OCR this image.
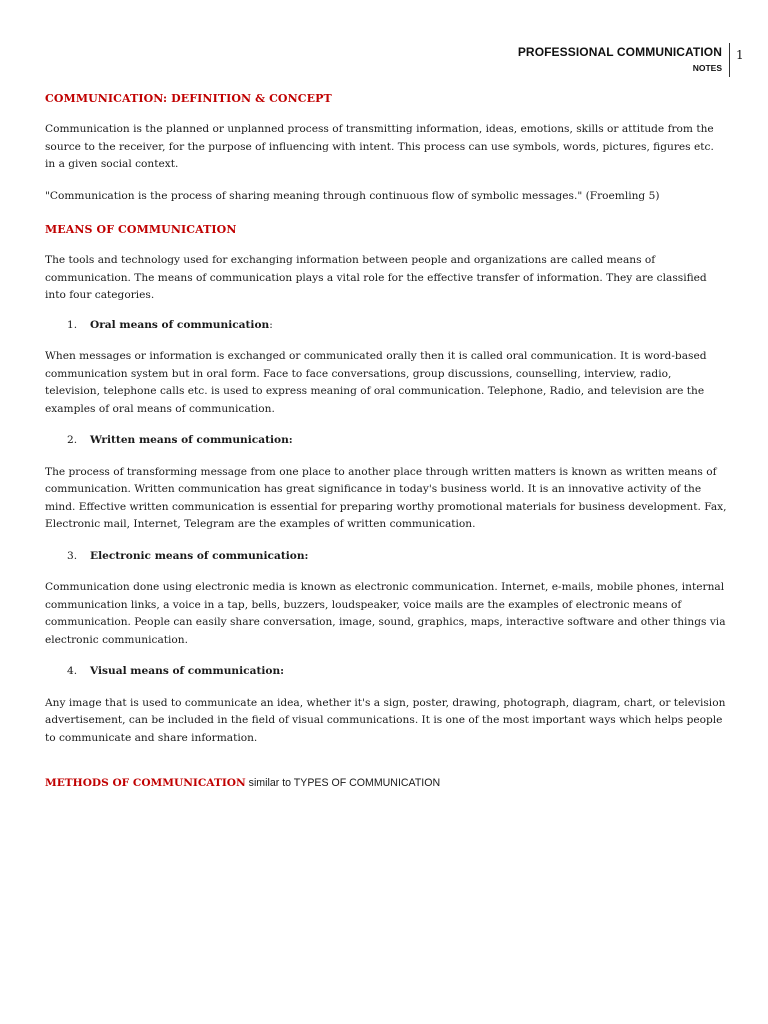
PROFESSIONAL COMMUNICATION
NOTES
1
COMMUNICATION: DEFINITION & CONCEPT

Communication is the planned or unplanned process of transmitting information, ideas, emotions, skills or attitude from the source to the receiver, for the purpose of influencing with intent. This process can use symbols, words, pictures, figures etc. in a given social context.

"Communication is the process of sharing meaning through continuous flow of symbolic messages." (Froemling 5)

MEANS OF COMMUNICATION

The tools and technology used for exchanging information between people and organizations are called means of communication. The means of communication plays a vital role for the effective transfer of information. They are classified into four categories.

1.	Oral means of communication:

When messages or information is exchanged or communicated orally then it is called oral communication. It is word-based communication system but in oral form. Face to face conversations, group discussions, counselling, interview, radio, television, telephone calls etc. is used to express meaning of oral communication. Telephone, Radio, and television are the examples of oral means of communication.

2.	Written means of communication:

The process of transforming message from one place to another place through written matters is known as written means of communication. Written communication has great significance in today's business world. It is an innovative activity of the mind. Effective written communication is essential for preparing worthy promotional materials for business development. Fax, Electronic mail, Internet, Telegram are the examples of written communication.

3.	Electronic means of communication:

Communication done using electronic media is known as electronic communication. Internet, e-mails, mobile phones, internal communication links, a voice in a tap, bells, buzzers, loudspeaker, voice mails are the examples of electronic means of communication. People can easily share conversation, image, sound, graphics, maps, interactive software and other things via electronic communication.

4.	Visual means of communication:

Any image that is used to communicate an idea, whether it's a sign, poster, drawing, photograph, diagram, chart, or television advertisement, can be included in the field of visual communications. It is one of the most important ways which helps people to communicate and share information.

METHODS OF COMMUNICATION similar to TYPES OF COMMUNICATION
